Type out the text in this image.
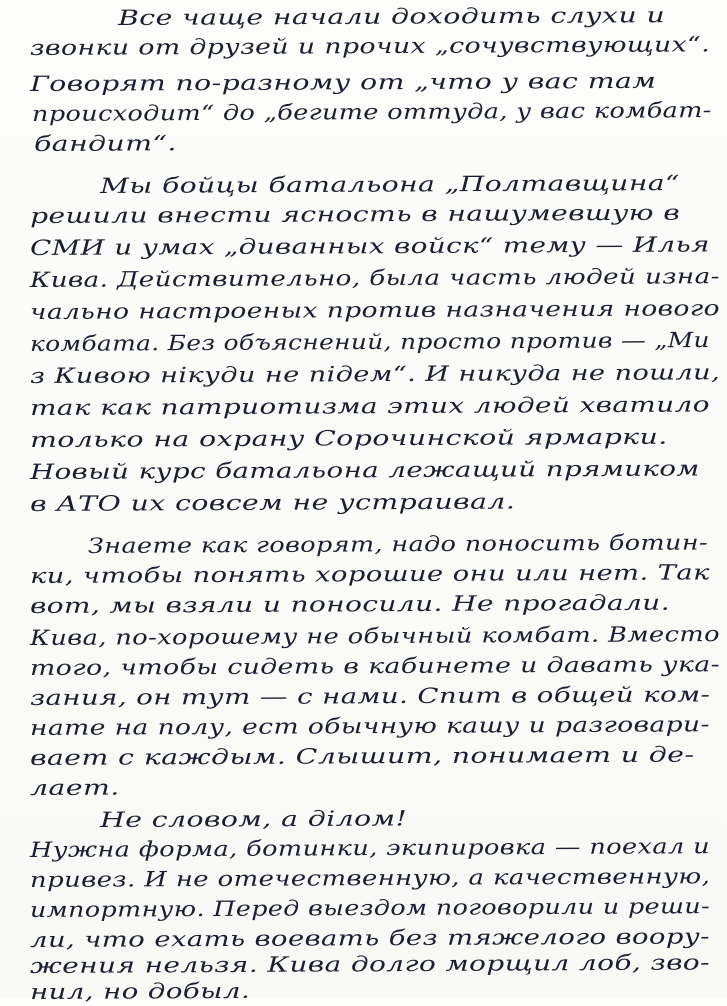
Все чаще начали доходить слухи и
звонки от друзей и прочих „сочувствующих“.
Говорят по-разному от „что у вас там
происходит“ до „бегите оттуда, у вас комбат-
бандит“.
Мы бойцы батальона „Полтавщина“
решили внести ясность в нашумевшую в
СМИ и умах „диванных войск“ тему — Илья
Кива. Действительно, была часть людей изна-
чально настроеных против назначения нового
комбата. Без объяснений, просто против — „Ми
з Кивою нікуди не підем“. И никуда не пошли,
так как патриотизма этих людей хватило
только на охрану Сорочинской ярмарки.
Новый курс батальона лежащий прямиком
в АТО их совсем не устраивал.
Знаете как говорят, надо поносить ботин-
ки, чтобы понять хорошие они или нет. Так
вот, мы взяли и поносили. Не прогадали.
Кива, по-хорошему не обычный комбат. Вместо
того, чтобы сидеть в кабинете и давать ука-
зания, он тут — с нами. Спит в общей ком-
нате на полу, ест обычную кашу и разговари-
вает с каждым. Слышит, понимает и де-
лает.
Не словом, а ділом!
Нужна форма, ботинки, экипировка — поехал и
привез. И не отечественную, а качественную,
импортную. Перед выездом поговорили и реши-
ли, что ехать воевать без тяжелого вoору-
жения нельзя. Кива долго морщил лоб, зво-
нил, но добыл.
